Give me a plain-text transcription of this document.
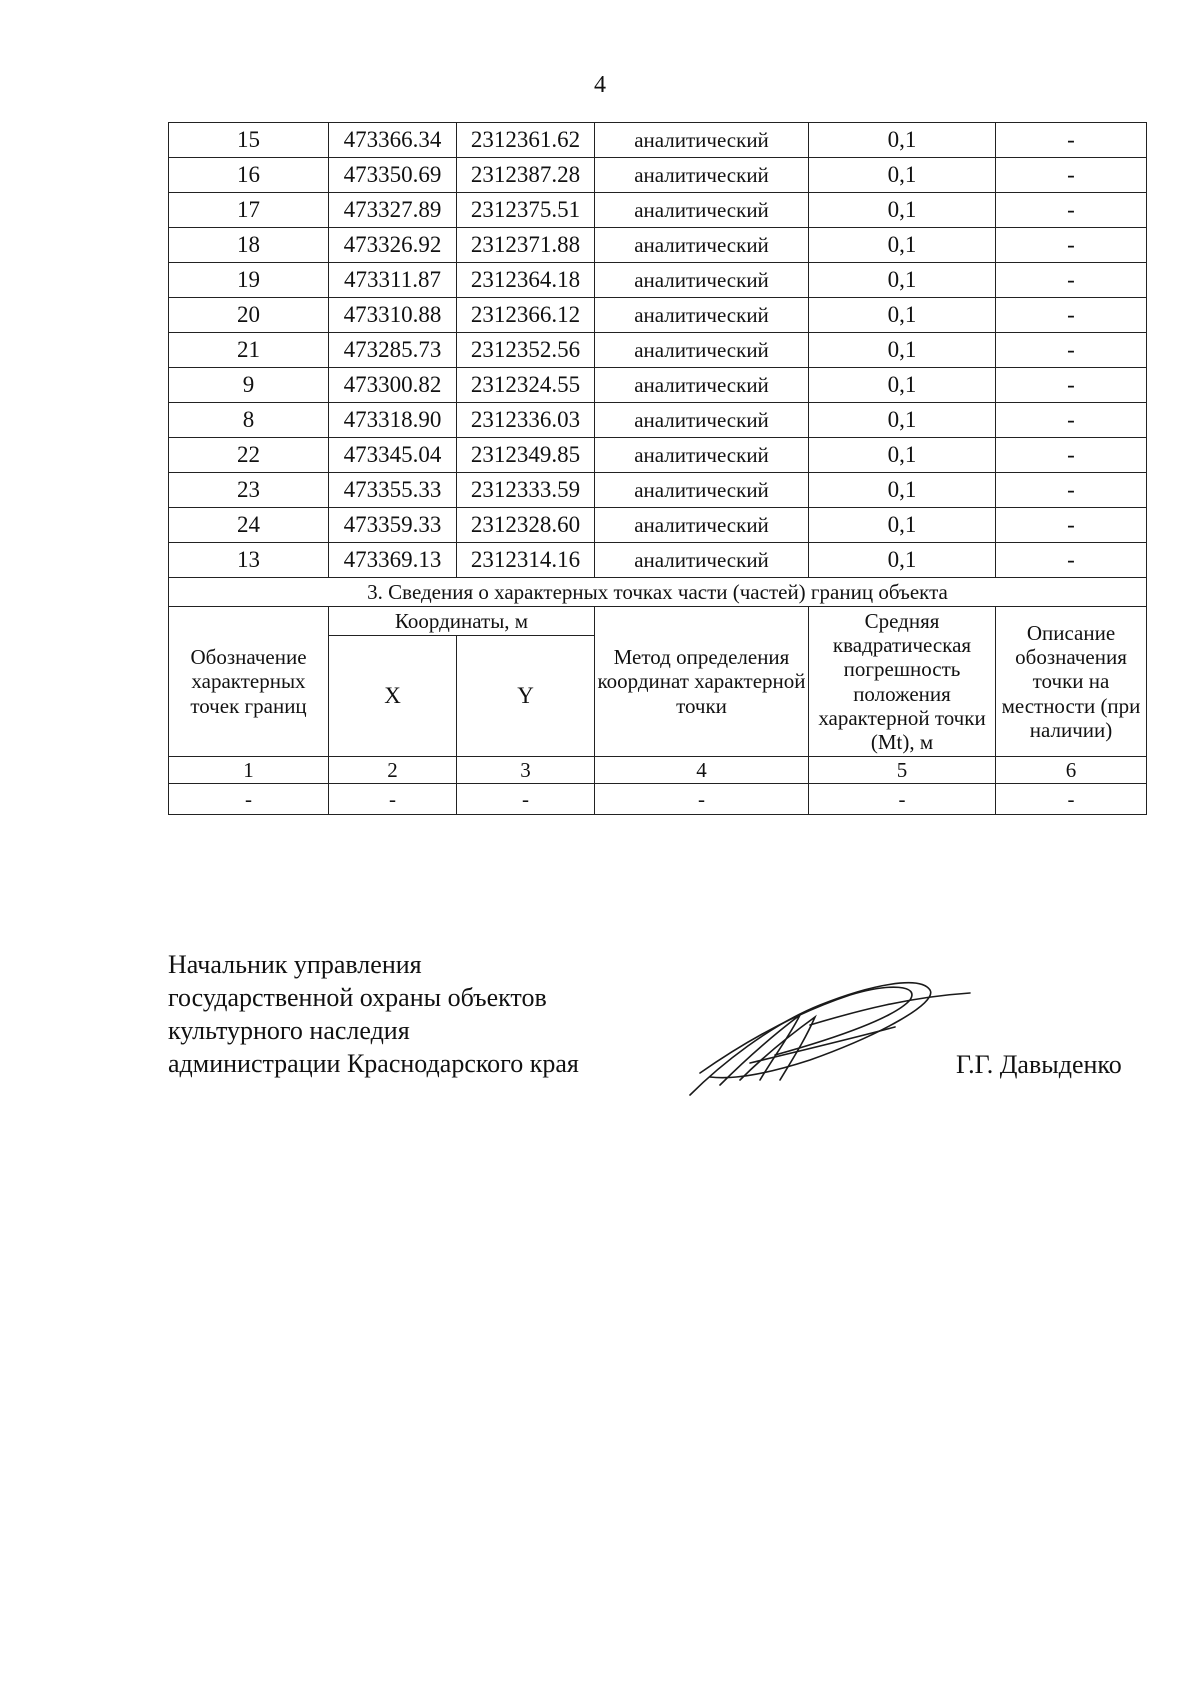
4
15	473366.34	2312361.62	аналитический	0,1	-
16	473350.69	2312387.28	аналитический	0,1	-
17	473327.89	2312375.51	аналитический	0,1	-
18	473326.92	2312371.88	аналитический	0,1	-
19	473311.87	2312364.18	аналитический	0,1	-
20	473310.88	2312366.12	аналитический	0,1	-
21	473285.73	2312352.56	аналитический	0,1	-
9	473300.82	2312324.55	аналитический	0,1	-
8	473318.90	2312336.03	аналитический	0,1	-
22	473345.04	2312349.85	аналитический	0,1	-
23	473355.33	2312333.59	аналитический	0,1	-
24	473359.33	2312328.60	аналитический	0,1	-
13	473369.13	2312314.16	аналитический	0,1	-
3. Сведения о характерных точках части (частей) границ объекта					
Обозначение характерных точек границ	Координаты, м		Метод определения координат характерной точки	Средняя квадратическая погрешность положения характерной точки (Mt), м	Описание обозначения точки на местности (при наличии)
	X	Y			
1	2	3	4	5	6
-	-	-	-	-	-
Начальник управления
государственной охраны объектов
культурного наследия
администрации Краснодарского края	Г.Г. Давыденко
